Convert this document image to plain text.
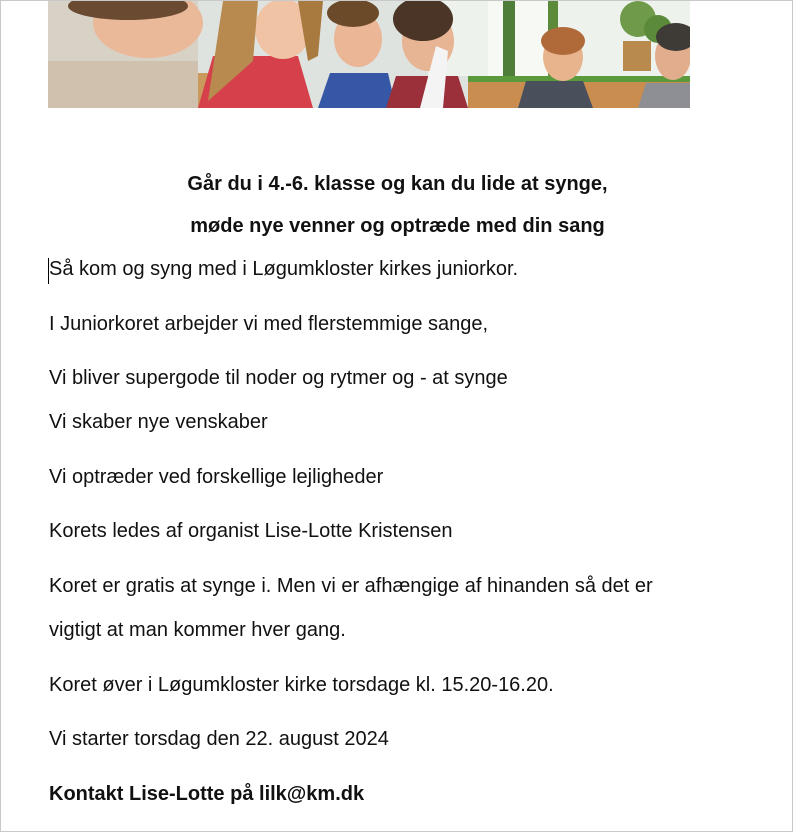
Går du i 4.-6. klasse og kan du lide at synge,
møde nye venner og optræde med din sang
Så kom og syng med i Løgumkloster kirkes juniorkor.
I Juniorkoret arbejder vi med flerstemmige sange,
Vi bliver supergode til noder og rytmer og - at synge
Vi skaber nye venskaber
Vi optræder ved forskellige lejligheder
Korets ledes af organist Lise-Lotte Kristensen
Koret er gratis at synge i. Men vi er afhængige af hinanden så det er
vigtigt at man kommer hver gang.
Koret øver i Løgumkloster kirke torsdage kl. 15.20-16.20.
Vi starter torsdag den 22. august 2024
Kontakt Lise-Lotte på lilk@km.dk
